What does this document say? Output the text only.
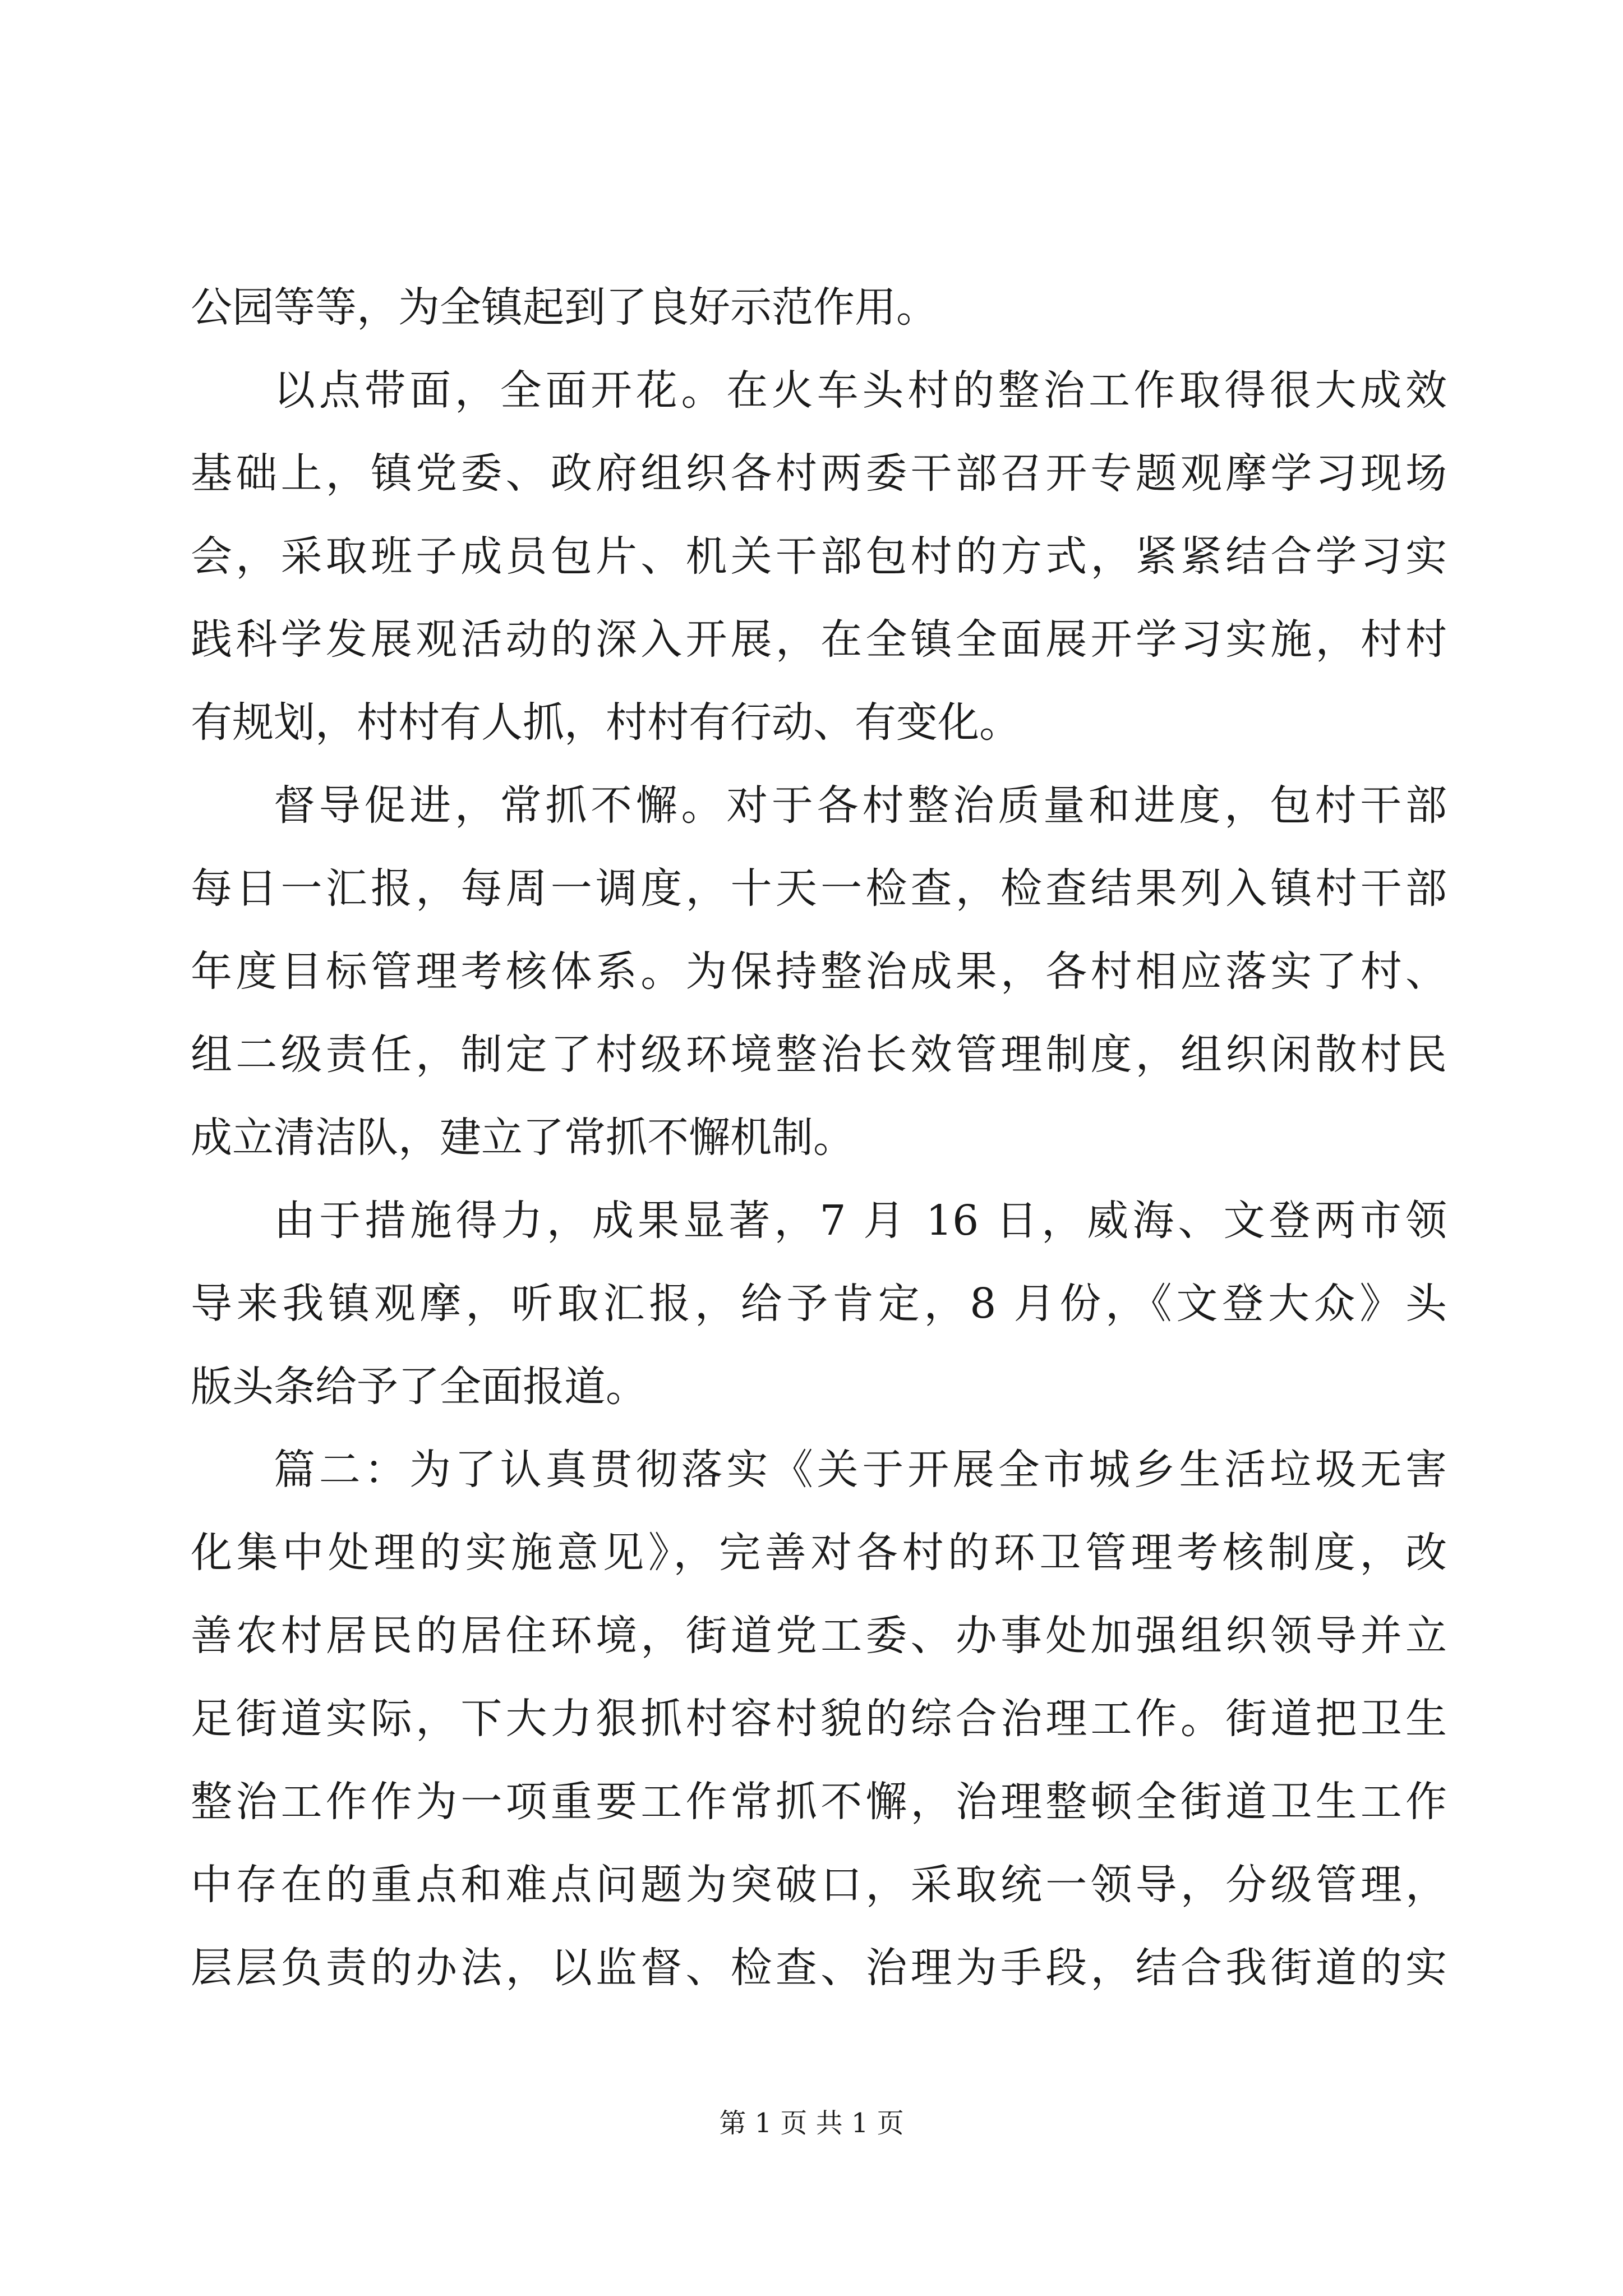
公园等等，为全镇起到了良好示范作用。
以点带面，全面开花。在火车头村的整治工作取得很大成效
基础上，镇党委、政府组织各村两委干部召开专题观摩学习现场
会，采取班子成员包片、机关干部包村的方式，紧紧结合学习实
践科学发展观活动的深入开展，在全镇全面展开学习实施，村村
有规划，村村有人抓，村村有行动、有变化。
督导促进，常抓不懈。对于各村整治质量和进度，包村干部
每日一汇报，每周一调度，十天一检查，检查结果列入镇村干部
年度目标管理考核体系。为保持整治成果，各村相应落实了村、
组二级责任，制定了村级环境整治长效管理制度，组织闲散村民
成立清洁队，建立了常抓不懈机制。
由于措施得力，成果显著，7 月 16 日，威海、文登两市领
导来我镇观摩，听取汇报，给予肯定，8 月份，《文登大众》头
版头条给予了全面报道。
篇二：为了认真贯彻落实《关于开展全市城乡生活垃圾无害
化集中处理的实施意见》，完善对各村的环卫管理考核制度，改
善农村居民的居住环境，街道党工委、办事处加强组织领导并立
足街道实际，下大力狠抓村容村貌的综合治理工作。街道把卫生
整治工作作为一项重要工作常抓不懈，治理整顿全街道卫生工作
中存在的重点和难点问题为突破口，采取统一领导，分级管理，
层层负责的办法，以监督、检查、治理为手段，结合我街道的实
第 1 页 共 1 页
